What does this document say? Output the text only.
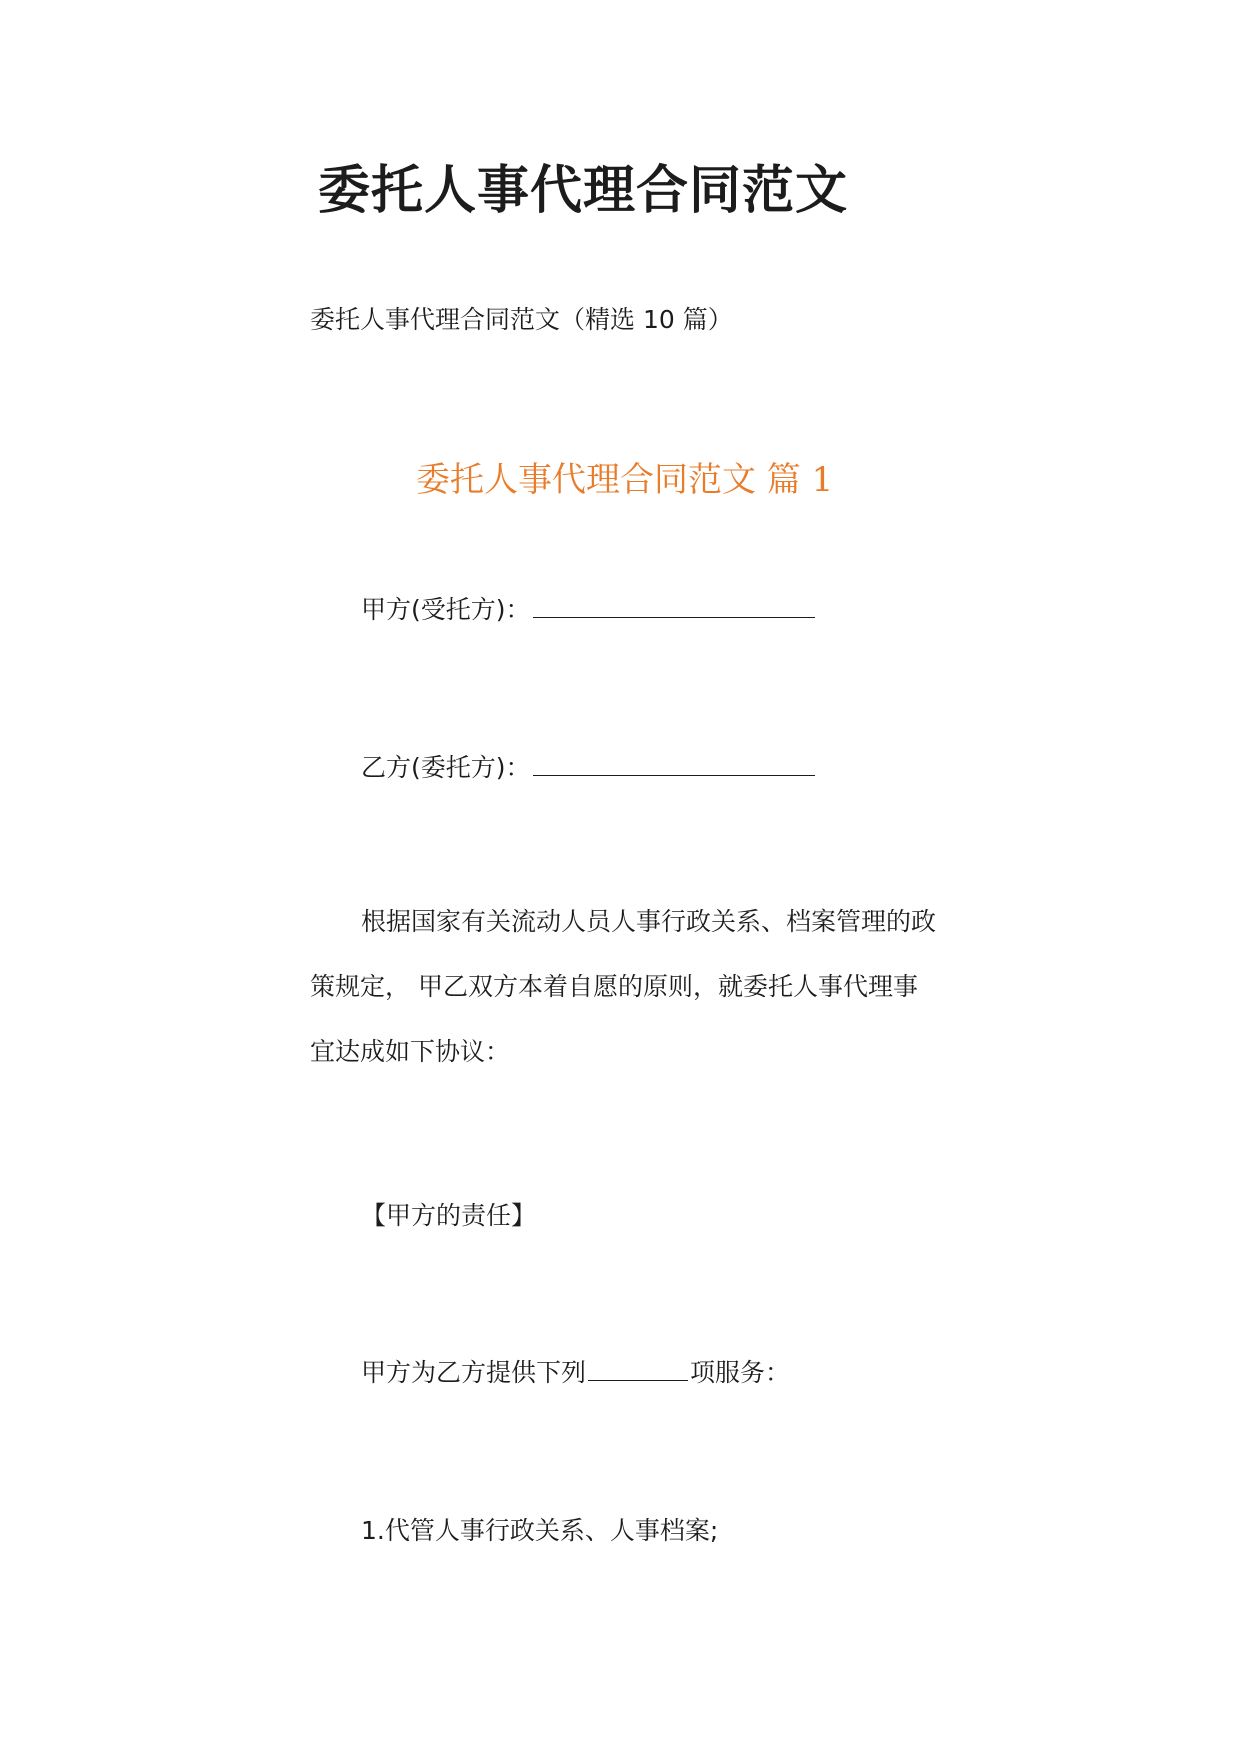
委托人事代理合同范文
委托人事代理合同范文（精选 10 篇）
委托人事代理合同范文 篇 1
甲方(受托方)：
乙方(委托方)：
根据国家有关流动人员人事行政关系、档案管理的政
策规定， 甲乙双方本着自愿的原则，就委托人事代理事
宜达成如下协议：
【甲方的责任】
甲方为乙方提供下列	项服务：
1.代管人事行政关系、人事档案;
